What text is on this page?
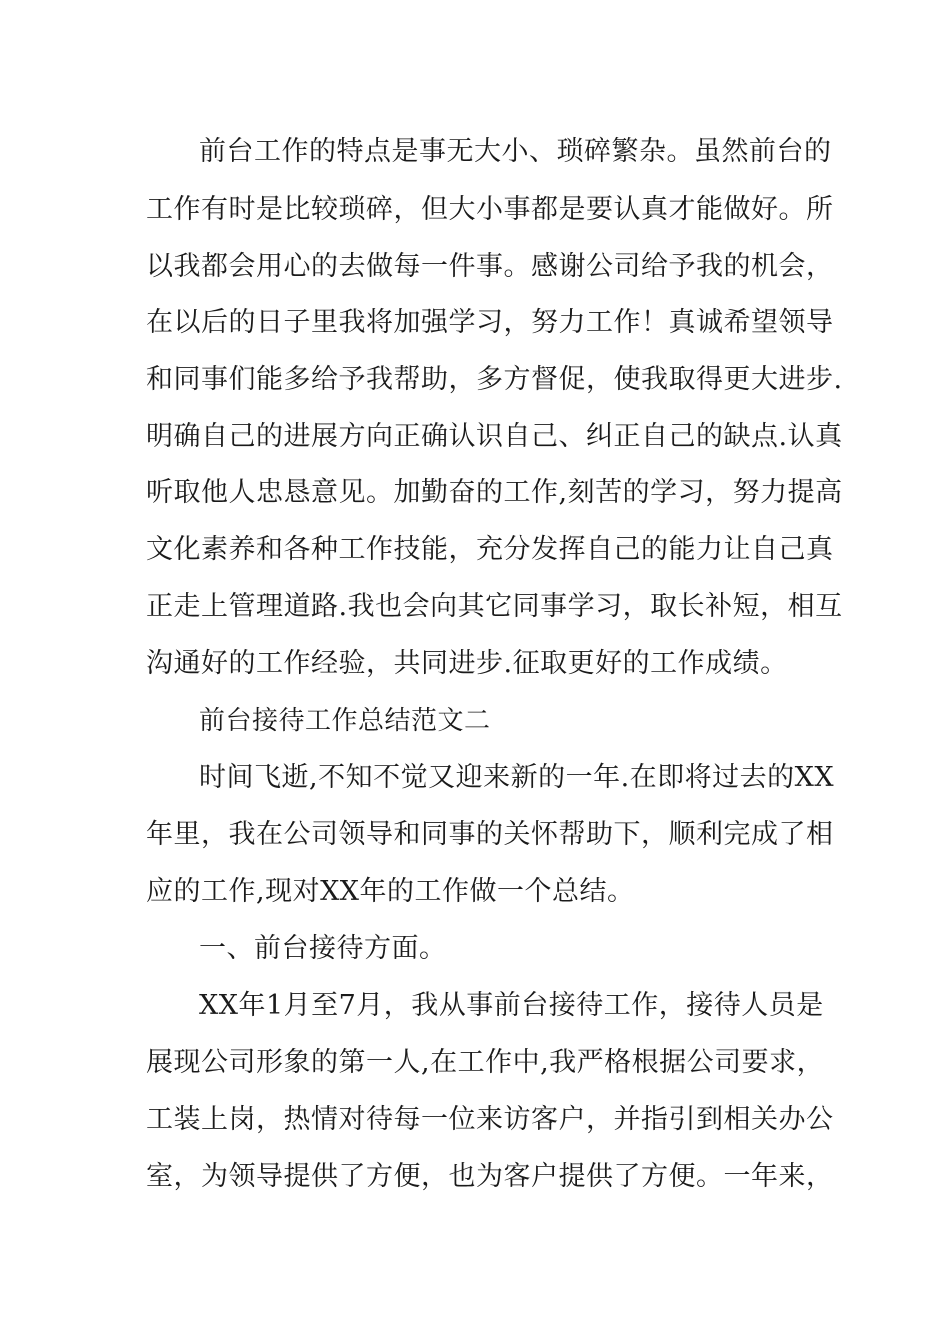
前台工作的特点是事无大小、琐碎繁杂。虽然前台的
工作有时是比较琐碎，但大小事都是要认真才能做好。所
以我都会用心的去做每一件事。感谢公司给予我的机会，
在以后的日子里我将加强学习，努力工作！真诚希望领导
和同事们能多给予我帮助，多方督促，使我取得更大进步.
明确自己的进展方向正确认识自己、纠正自己的缺点.认真
听取他人忠恳意见。加勤奋的工作,刻苦的学习，努力提高
文化素养和各种工作技能，充分发挥自己的能力让自己真
正走上管理道路.我也会向其它同事学习，取长补短，相互
沟通好的工作经验，共同进步.征取更好的工作成绩。
前台接待工作总结范文二
时间飞逝,不知不觉又迎来新的一年.在即将过去的XX
年里，我在公司领导和同事的关怀帮助下，顺利完成了相
应的工作,现对XX年的工作做一个总结。
一、前台接待方面。
XX年1月至7月，我从事前台接待工作，接待人员是
展现公司形象的第一人,在工作中,我严格根据公司要求，
工装上岗，热情对待每一位来访客户，并指引到相关办公
室，为领导提供了方便，也为客户提供了方便。一年来，
